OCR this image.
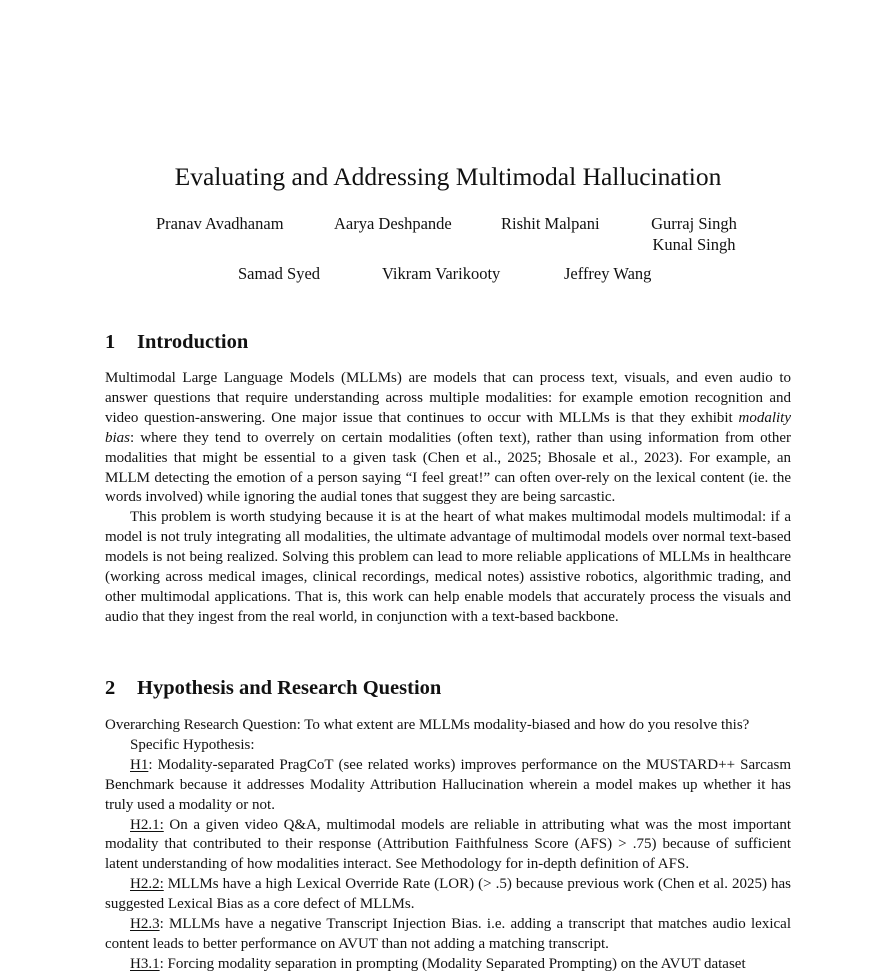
Evaluating and Addressing Multimodal Hallucination
Pranav Avadhanam	Aarya Deshpande	Rishit Malpani	Gurraj Singh
Kunal Singh
Samad Syed	Vikram Varikooty	Jeffrey Wang
1 Introduction

Multimodal Large Language Models (MLLMs) are models that can process text, visuals, and even audio to answer questions that require understanding across multiple modalities: for example emotion recognition and video question-answering. One major issue that continues to occur with MLLMs is that they exhibit modality bias: where they tend to overrely on certain modalities (often text), rather than using information from other modalities that might be essential to a given task (Chen et al., 2025; Bhosale et al., 2023). For example, an MLLM detecting the emotion of a person saying “I feel great!” can often over-rely on the lexical content (ie. the words involved) while ignoring the audial tones that suggest they are being sarcastic.

This problem is worth studying because it is at the heart of what makes multimodal models multimodal: if a model is not truly integrating all modalities, the ultimate advantage of multimodal models over normal text-based models is not being realized. Solving this problem can lead to more reliable applications of MLLMs in healthcare (working across medical images, clinical recordings, medical notes) assistive robotics, algorithmic trading, and other multimodal applications. That is, this work can help enable models that accurately process the visuals and audio that they ingest from the real world, in conjunction with a text-based backbone.

2 Hypothesis and Research Question

Overarching Research Question: To what extent are MLLMs modality-biased and how do you resolve this?

Specific Hypothesis:

H1: Modality-separated PragCoT (see related works) improves performance on the MUSTARD++ Sarcasm Benchmark because it addresses Modality Attribution Hallucination wherein a model makes up whether it has truly used a modality or not.

H2.1: On a given video Q&A, multimodal models are reliable in attributing what was the most important modality that contributed to their response (Attribution Faithfulness Score (AFS) > .75) because of sufficient latent understanding of how modalities interact. See Methodology for in-depth definition of AFS.

H2.2: MLLMs have a high Lexical Override Rate (LOR) (> .5) because previous work (Chen et al. 2025) has suggested Lexical Bias as a core defect of MLLMs.

H2.3: MLLMs have a negative Transcript Injection Bias. i.e. adding a transcript that matches audio lexical content leads to better performance on AVUT than not adding a matching transcript.

H3.1: Forcing modality separation in prompting (Modality Separated Prompting) on the AVUT dataset
